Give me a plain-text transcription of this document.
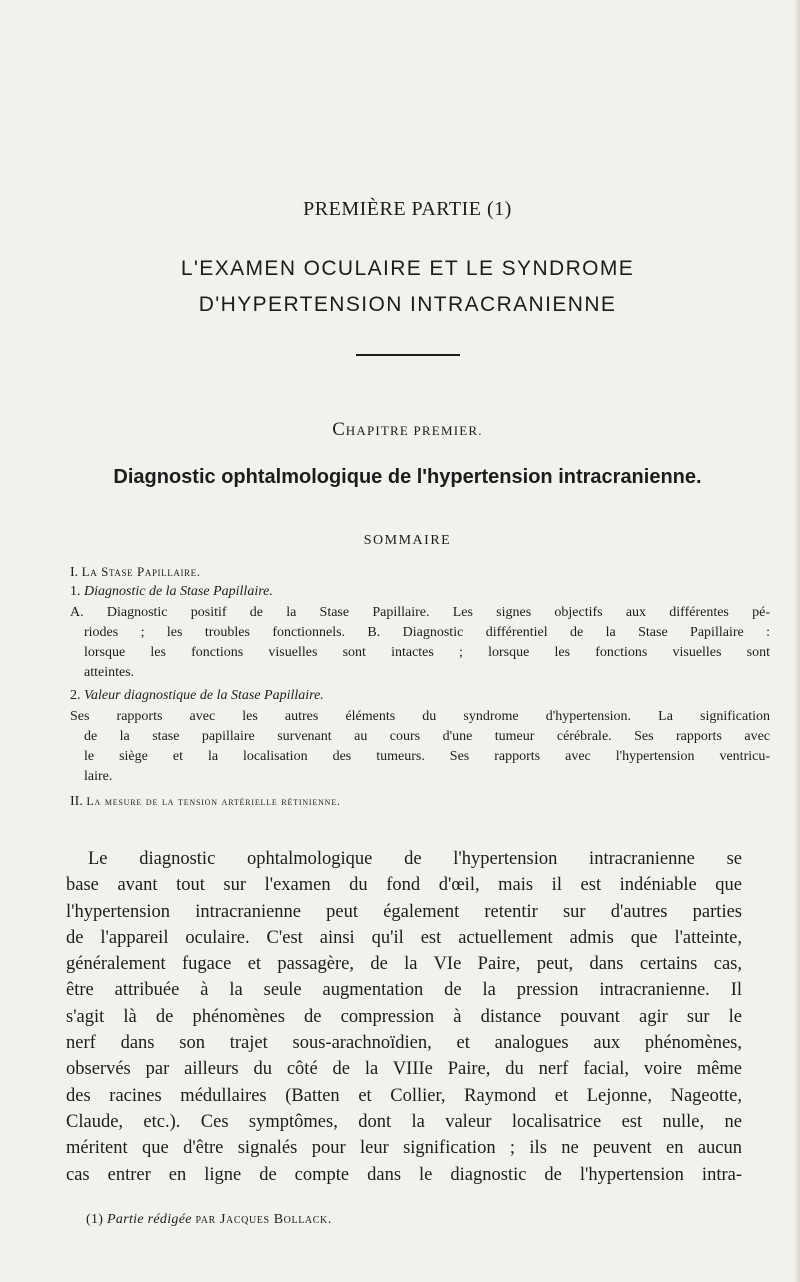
PREMIÈRE PARTIE (1)
L'EXAMEN OCULAIRE ET LE SYNDROME
D'HYPERTENSION INTRACRANIENNE
CHAPITRE PREMIER.
Diagnostic ophtalmologique de l'hypertension intracranienne.
SOMMAIRE
I. La Stase Papillaire.
1. Diagnostic de la Stase Papillaire.
A. Diagnostic positif de la Stase Papillaire. Les signes objectifs aux différentes pé-
riodes ; les troubles fonctionnels. B. Diagnostic différentiel de la Stase Papillaire :
lorsque les fonctions visuelles sont intactes ; lorsque les fonctions visuelles sont
atteintes.
2. Valeur diagnostique de la Stase Papillaire.
Ses rapports avec les autres éléments du syndrome d'hypertension. La signification
de la stase papillaire survenant au cours d'une tumeur cérébrale. Ses rapports avec
le siège et la localisation des tumeurs. Ses rapports avec l'hypertension ventricu-
laire.
II. La mesure de la tension artérielle rétinienne.
Le diagnostic ophtalmologique de l'hypertension intracranienne se
base avant tout sur l'examen du fond d'œil, mais il est indéniable que
l'hypertension intracranienne peut également retentir sur d'autres parties
de l'appareil oculaire. C'est ainsi qu'il est actuellement admis que l'atteinte,
généralement fugace et passagère, de la VIe Paire, peut, dans certains cas,
être attribuée à la seule augmentation de la pression intracranienne. Il
s'agit là de phénomènes de compression à distance pouvant agir sur le
nerf dans son trajet sous-arachnoïdien, et analogues aux phénomènes,
observés par ailleurs du côté de la VIIIe Paire, du nerf facial, voire même
des racines médullaires (Batten et Collier, Raymond et Lejonne, Nageotte,
Claude, etc.). Ces symptômes, dont la valeur localisatrice est nulle, ne
méritent que d'être signalés pour leur signification ; ils ne peuvent en aucun
cas entrer en ligne de compte dans le diagnostic de l'hypertension intra-
(1) Partie rédigée par Jacques Bollack.
